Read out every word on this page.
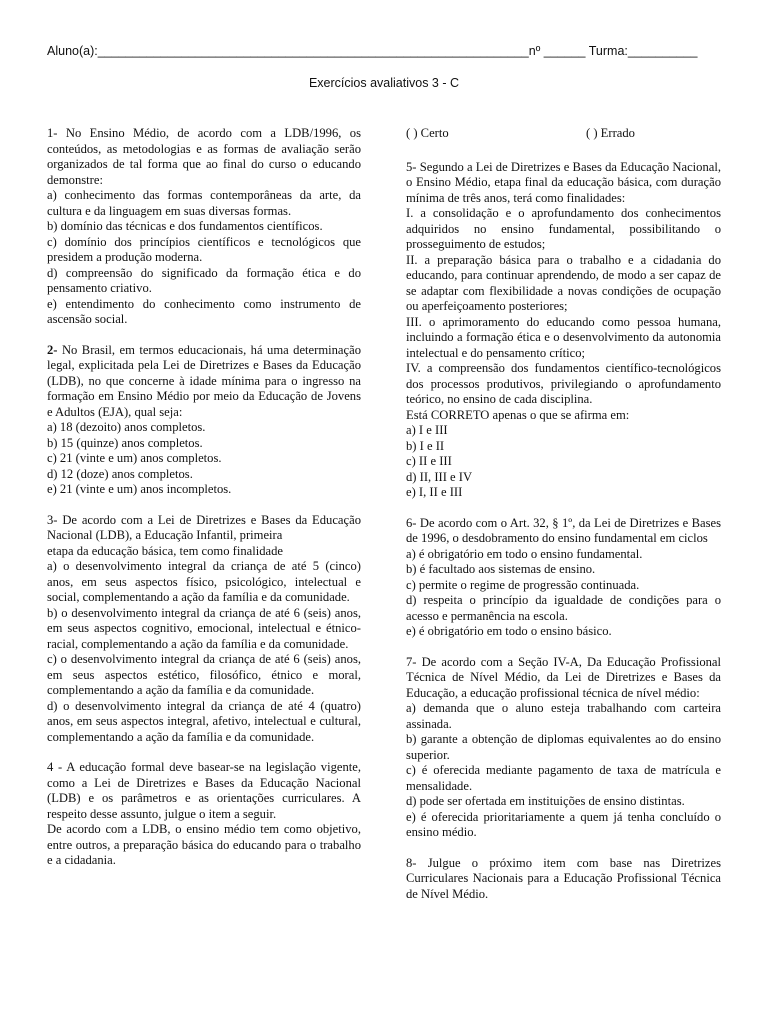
Aluno(a):______________________________________________________________nº ______ Turma:__________
Exercícios avaliativos 3 - C

1- No Ensino Médio, de acordo com a LDB/1996, os conteúdos, as metodologias e as formas de avaliação serão organizados de tal forma que ao final do curso o educando demonstre:

a) conhecimento das formas contemporâneas da arte, da cultura e da linguagem em suas diversas formas.

b) domínio das técnicas e dos fundamentos científicos.

c) domínio dos princípios científicos e tecnológicos que presidem a produção moderna.

d) compreensão do significado da formação ética e do pensamento criativo.

e) entendimento do conhecimento como instrumento de ascensão social.

2- No Brasil, em termos educacionais, há uma determinação legal, explicitada pela Lei de Diretrizes e Bases da Educação (LDB), no que concerne à idade mínima para o ingresso na formação em Ensino Médio por meio da Educação de Jovens e Adultos (EJA), qual seja:

a) 18 (dezoito) anos completos.

b) 15 (quinze) anos completos.

c) 21 (vinte e um) anos completos.

d) 12 (doze) anos completos.

e) 21 (vinte e um) anos incompletos.

3- De acordo com a Lei de Diretrizes e Bases da Educação Nacional (LDB), a Educação Infantil, primeira

etapa da educação básica, tem como finalidade

a) o desenvolvimento integral da criança de até 5 (cinco) anos, em seus aspectos físico, psicológico, intelectual e social, complementando a ação da família e da comunidade.

b) o desenvolvimento integral da criança de até 6 (seis) anos, em seus aspectos cognitivo, emocional, intelectual e étnico-racial, complementando a ação da família e da comunidade.

c) o desenvolvimento integral da criança de até 6 (seis) anos, em seus aspectos estético, filosófico, étnico e moral, complementando a ação da família e da comunidade.

d) o desenvolvimento integral da criança de até 4 (quatro) anos, em seus aspectos integral, afetivo, intelectual e cultural, complementando a ação da família e da comunidade.

4 - A educação formal deve basear-se na legislação vigente, como a Lei de Diretrizes e Bases da Educação Nacional (LDB) e os parâmetros e as orientações curriculares. A respeito desse assunto, julgue o item a seguir.

De acordo com a LDB, o ensino médio tem como objetivo, entre outros, a preparação básica do educando para o trabalho e a cidadania.

( ) Certo	( ) Errado

5- Segundo a Lei de Diretrizes e Bases da Educação Nacional, o Ensino Médio, etapa final da educação básica, com duração mínima de três anos, terá como finalidades:

I. a consolidação e o aprofundamento dos conhecimentos adquiridos no ensino fundamental, possibilitando o prosseguimento de estudos;

II. a preparação básica para o trabalho e a cidadania do educando, para continuar aprendendo, de modo a ser capaz de se adaptar com flexibilidade a novas condições de ocupação ou aperfeiçoamento posteriores;

III. o aprimoramento do educando como pessoa humana, incluindo a formação ética e o desenvolvimento da autonomia intelectual e do pensamento crítico;

IV. a compreensão dos fundamentos científico-tecnológicos dos processos produtivos, privilegiando o aprofundamento teórico, no ensino de cada disciplina.

Está CORRETO apenas o que se afirma em:

a) I e III

b) I e II

c) II e III

d) II, III e IV

e) I, II e III

6- De acordo com o Art. 32, § 1º, da Lei de Diretrizes e Bases de 1996, o desdobramento do ensino fundamental em ciclos

a) é obrigatório em todo o ensino fundamental.

b) é facultado aos sistemas de ensino.

c) permite o regime de progressão continuada.

d) respeita o princípio da igualdade de condições para o acesso e permanência na escola.

e) é obrigatório em todo o ensino básico.

7- De acordo com a Seção IV-A, Da Educação Profissional Técnica de Nível Médio, da Lei de Diretrizes e Bases da Educação, a educação profissional técnica de nível médio:

a) demanda que o aluno esteja trabalhando com carteira assinada.

b) garante a obtenção de diplomas equivalentes ao do ensino superior.

c) é oferecida mediante pagamento de taxa de matrícula e mensalidade.

d) pode ser ofertada em instituições de ensino distintas.

e) é oferecida prioritariamente a quem já tenha concluído o ensino médio.

8- Julgue o próximo item com base nas Diretrizes Curriculares Nacionais para a Educação Profissional Técnica de Nível Médio.
